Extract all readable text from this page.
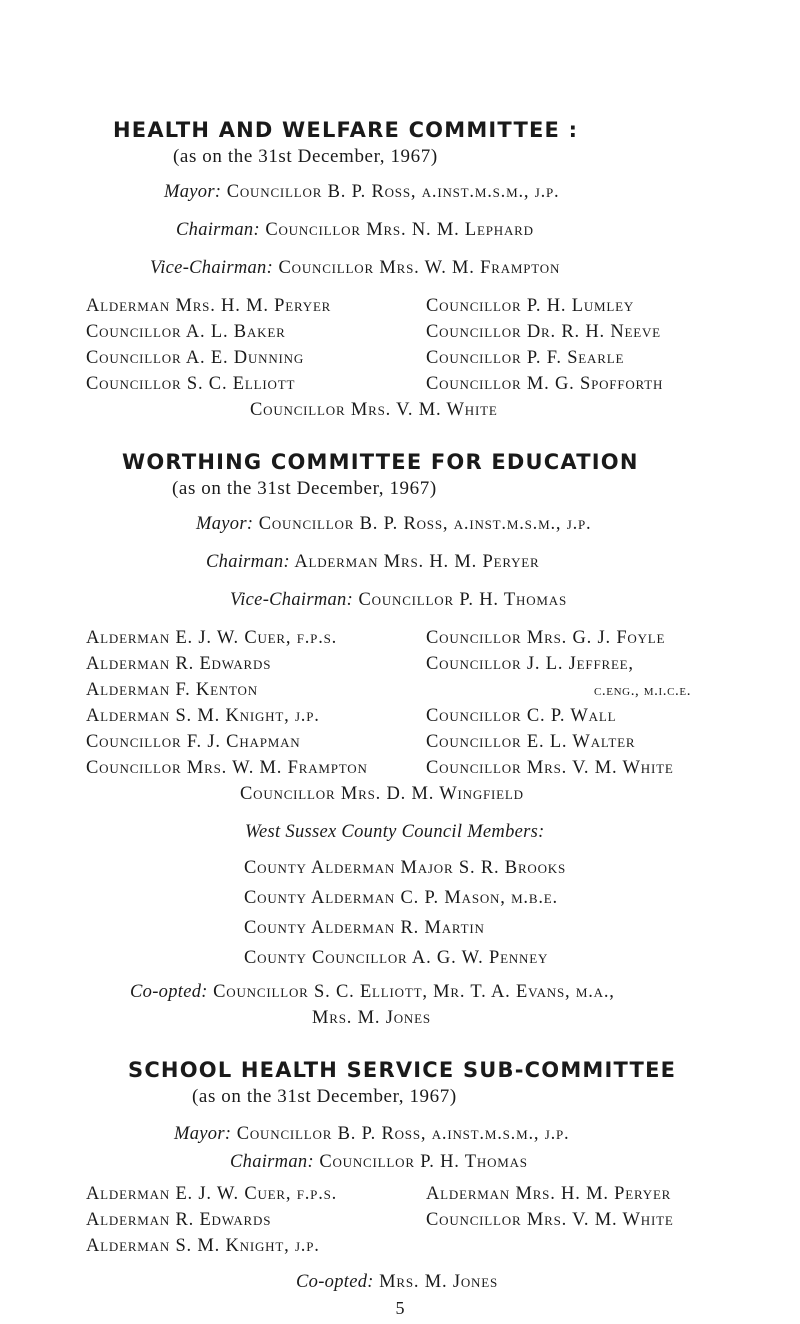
HEALTH AND WELFARE COMMITTEE :
(as on the 31st December, 1967)
Mayor: Councillor B. P. Ross, a.inst.m.s.m., j.p.
Chairman: Councillor Mrs. N. M. Lephard
Vice-Chairman: Councillor Mrs. W. M. Frampton
Alderman Mrs. H. M. Peryer
Councillor A. L. Baker
Councillor A. E. Dunning
Councillor S. C. Elliott
Councillor P. H. Lumley
Councillor Dr. R. H. Neeve
Councillor P. F. Searle
Councillor M. G. Spofforth
Councillor Mrs. V. M. White
WORTHING COMMITTEE FOR EDUCATION
(as on the 31st December, 1967)
Mayor: Councillor B. P. Ross, a.inst.m.s.m., j.p.
Chairman: Alderman Mrs. H. M. Peryer
Vice-Chairman: Councillor P. H. Thomas
Alderman E. J. W. Cuer, f.p.s.
Alderman R. Edwards
Alderman F. Kenton
Alderman S. M. Knight, j.p.
Councillor F. J. Chapman
Councillor Mrs. W. M. Frampton
Councillor Mrs. G. J. Foyle
Councillor J. L. Jeffree,
c.eng., m.i.c.e.
Councillor C. P. Wall
Councillor E. L. Walter
Councillor Mrs. V. M. White
Councillor Mrs. D. M. Wingfield
West Sussex County Council Members:
County Alderman Major S. R. Brooks
County Alderman C. P. Mason, m.b.e.
County Alderman R. Martin
County Councillor A. G. W. Penney
Co-opted: Councillor S. C. Elliott, Mr. T. A. Evans, m.a.,
Mrs. M. Jones
SCHOOL HEALTH SERVICE SUB-COMMITTEE
(as on the 31st December, 1967)
Mayor: Councillor B. P. Ross, a.inst.m.s.m., j.p.
Chairman: Councillor P. H. Thomas
Alderman E. J. W. Cuer, f.p.s.
Alderman R. Edwards
Alderman S. M. Knight, j.p.
Alderman Mrs. H. M. Peryer
Councillor Mrs. V. M. White
Co-opted: Mrs. M. Jones
5
